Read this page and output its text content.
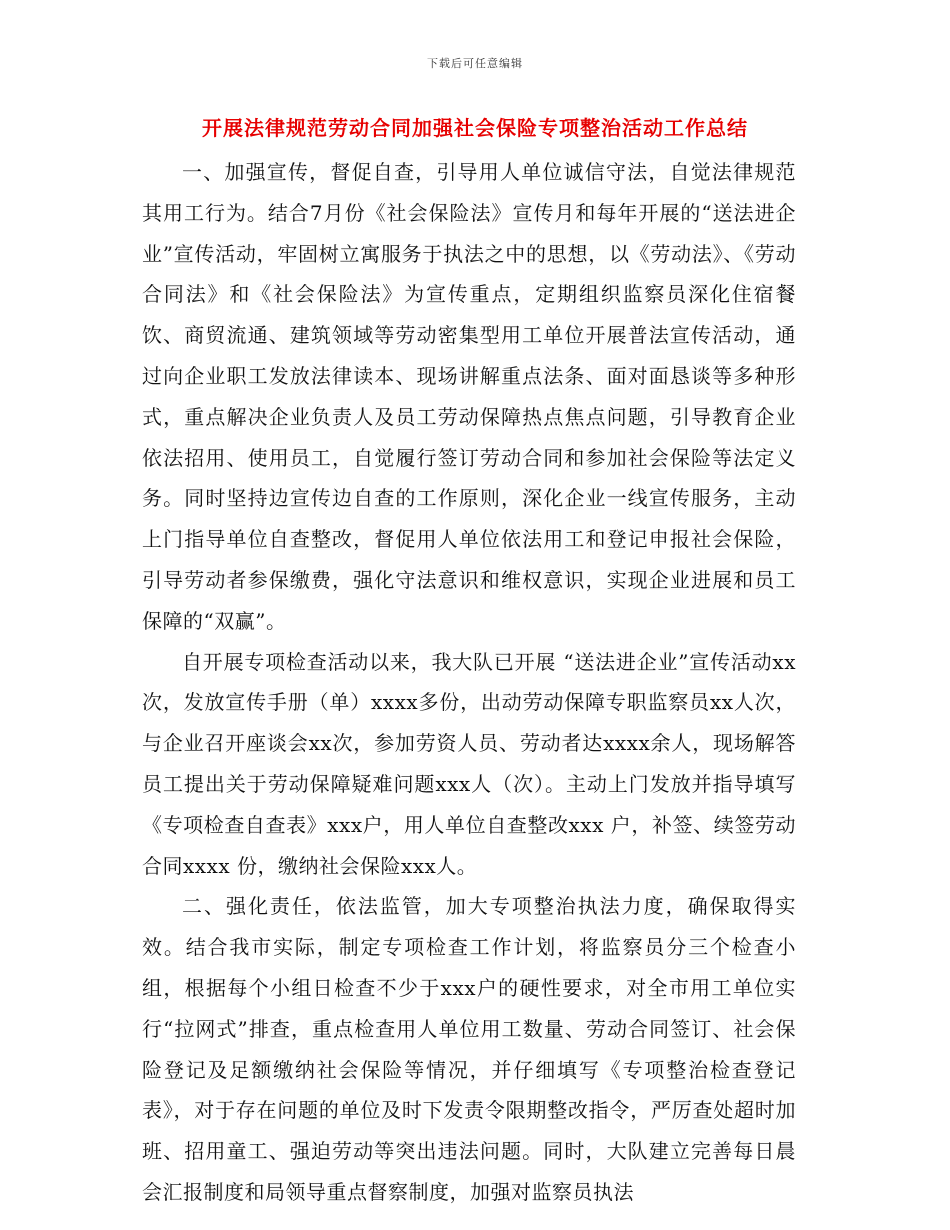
下载后可任意编辑
开展法律规范劳动合同加强社会保险专项整治活动工作总结

一、加强宣传，督促自查，引导用人单位诚信守法，自觉法律规范其用工行为。结合7月份《社会保险法》宣传月和每年开展的“送法进企业”宣传活动，牢固树立寓服务于执法之中的思想，以《劳动法》、《劳动合同法》和《社会保险法》为宣传重点，定期组织监察员深化住宿餐饮、商贸流通、建筑领域等劳动密集型用工单位开展普法宣传活动，通过向企业职工发放法律读本、现场讲解重点法条、面对面恳谈等多种形式，重点解决企业负责人及员工劳动保障热点焦点问题，引导教育企业依法招用、使用员工，自觉履行签订劳动合同和参加社会保险等法定义务。同时坚持边宣传边自查的工作原则，深化企业一线宣传服务，主动上门指导单位自查整改，督促用人单位依法用工和登记申报社会保险，引导劳动者参保缴费，强化守法意识和维权意识，实现企业进展和员工保障的“双赢”。

自开展专项检查活动以来，我大队已开展 “送法进企业”宣传活动xx次，发放宣传手册（单）xxxx多份，出动劳动保障专职监察员xx人次，与企业召开座谈会xx次，参加劳资人员、劳动者达xxxx余人，现场解答员工提出关于劳动保障疑难问题xxx人（次）。主动上门发放并指导填写《专项检查自查表》xxx户，用人单位自查整改xxx 户，补签、续签劳动合同xxxx 份，缴纳社会保险xxx人。

二、强化责任，依法监管，加大专项整治执法力度，确保取得实效。结合我市实际，制定专项检查工作计划，将监察员分三个检查小组，根据每个小组日检查不少于xxx户的硬性要求，对全市用工单位实行“拉网式”排查，重点检查用人单位用工数量、劳动合同签订、社会保险登记及足额缴纳社会保险等情况，并仔细填写《专项整治检查登记表》，对于存在问题的单位及时下发责令限期整改指令，严厉查处超时加班、招用童工、强迫劳动等突出违法问题。同时，大队建立完善每日晨会汇报制度和局领导重点督察制度，加强对监察员执法
